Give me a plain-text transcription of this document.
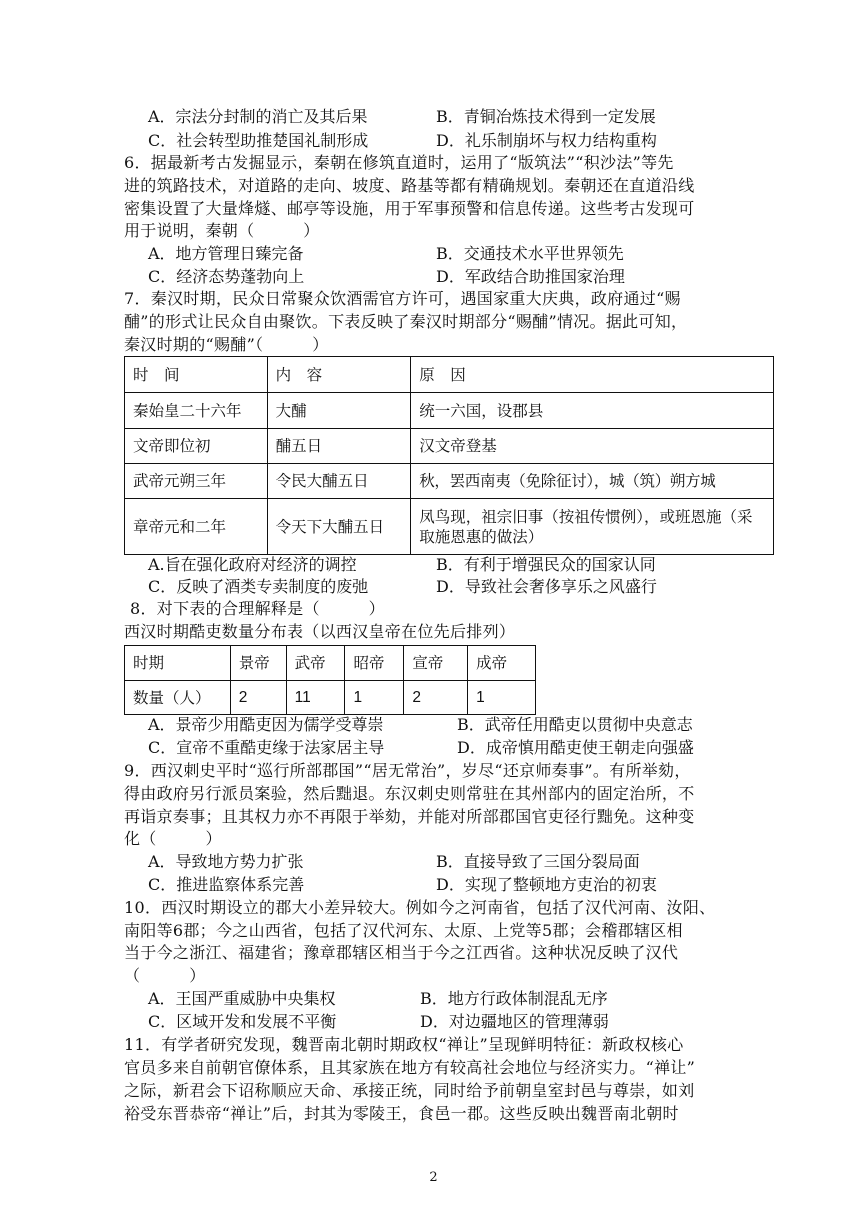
A．宗法分封制的消亡及其后果	B．青铜冶炼技术得到一定发展
C．社会转型助推楚国礼制形成	D．礼乐制崩坏与权力结构重构
6．据最新考古发掘显示，秦朝在修筑直道时，运用了“版筑法”“积沙法”等先
进的筑路技术，对道路的走向、坡度、路基等都有精确规划。秦朝还在直道沿线
密集设置了大量烽燧、邮亭等设施，用于军事预警和信息传递。这些考古发现可
用于说明，秦朝（　　　）
A．地方管理日臻完备	B．交通技术水平世界领先
C．经济态势蓬勃向上	D．军政结合助推国家治理
7．秦汉时期，民众日常聚众饮酒需官方许可，遇国家重大庆典，政府通过“赐
酺”的形式让民众自由聚饮。下表反映了秦汉时期部分“赐酺”情况。据此可知，
秦汉时期的“赐酺”（　　　）
时　间	内　容	原　因
秦始皇二十六年	大酺	统一六国，设郡县
文帝即位初	酺五日	汉文帝登基
武帝元朔三年	令民大酺五日	秋，罢西南夷（免除征讨），城（筑）朔方城
章帝元和二年	令天下大酺五日	凤鸟现，祖宗旧事（按祖传惯例），或班恩施（采取施恩惠的做法）
A.旨在强化政府对经济的调控	B．有利于增强民众的国家认同
C．反映了酒类专卖制度的废弛	D．导致社会奢侈享乐之风盛行
8．对下表的合理解释是（　　　）
西汉时期酷吏数量分布表（以西汉皇帝在位先后排列）
时期	景帝	武帝	昭帝	宣帝	成帝
数量（人）	2	11	1	2	1
A．景帝少用酷吏因为儒学受尊崇	B．武帝任用酷吏以贯彻中央意志
C．宣帝不重酷吏缘于法家居主导	D．成帝慎用酷吏使王朝走向强盛
9．西汉刺史平时“巡行所部郡国”“居无常治”，岁尽“还京师奏事”。有所举劾，
得由政府另行派员案验，然后黜退。东汉刺史则常驻在其州部内的固定治所，不
再诣京奏事；且其权力亦不再限于举劾，并能对所部郡国官吏径行黜免。这种变
化（　　　）
A．导致地方势力扩张	B．直接导致了三国分裂局面
C．推进监察体系完善	D．实现了整顿地方吏治的初衷
10．西汉时期设立的郡大小差异较大。例如今之河南省，包括了汉代河南、汝阳、
南阳等6郡；今之山西省，包括了汉代河东、太原、上党等5郡；会稽郡辖区相
当于今之浙江、福建省；豫章郡辖区相当于今之江西省。这种状况反映了汉代
（　　　）
A．王国严重威胁中央集权	B．地方行政体制混乱无序
C．区域开发和发展不平衡	D．对边疆地区的管理薄弱
11．有学者研究发现，魏晋南北朝时期政权“禅让”呈现鲜明特征：新政权核心
官员多来自前朝官僚体系，且其家族在地方有较高社会地位与经济实力。“禅让”
之际，新君会下诏称顺应天命、承接正统，同时给予前朝皇室封邑与尊崇，如刘
裕受东晋恭帝“禅让”后，封其为零陵王，食邑一郡。这些反映出魏晋南北朝时
2
